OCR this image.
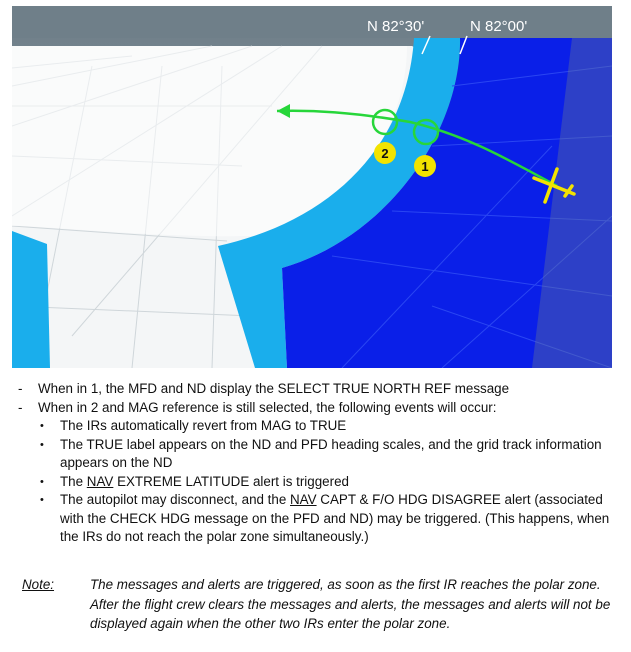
N 82°30'	N 82°00'
2
1
- When in 1, the MFD and ND display the SELECT TRUE NORTH REF message
- When in 2 and MAG reference is still selected, the following events will occur:
• The IRs automatically revert from MAG to TRUE
• The TRUE label appears on the ND and PFD heading scales, and the grid track information appears on the ND
• The NAV EXTREME LATITUDE alert is triggered
• The autopilot may disconnect, and the NAV CAPT & F/O HDG DISAGREE alert (associated with the CHECK HDG message on the PFD and ND) may be triggered. (This happens, when the IRs do not reach the polar zone simultaneously.)
Note:	The messages and alerts are triggered, as soon as the first IR reaches the polar zone. After the flight crew clears the messages and alerts, the messages and alerts will not be displayed again when the other two IRs enter the polar zone.
